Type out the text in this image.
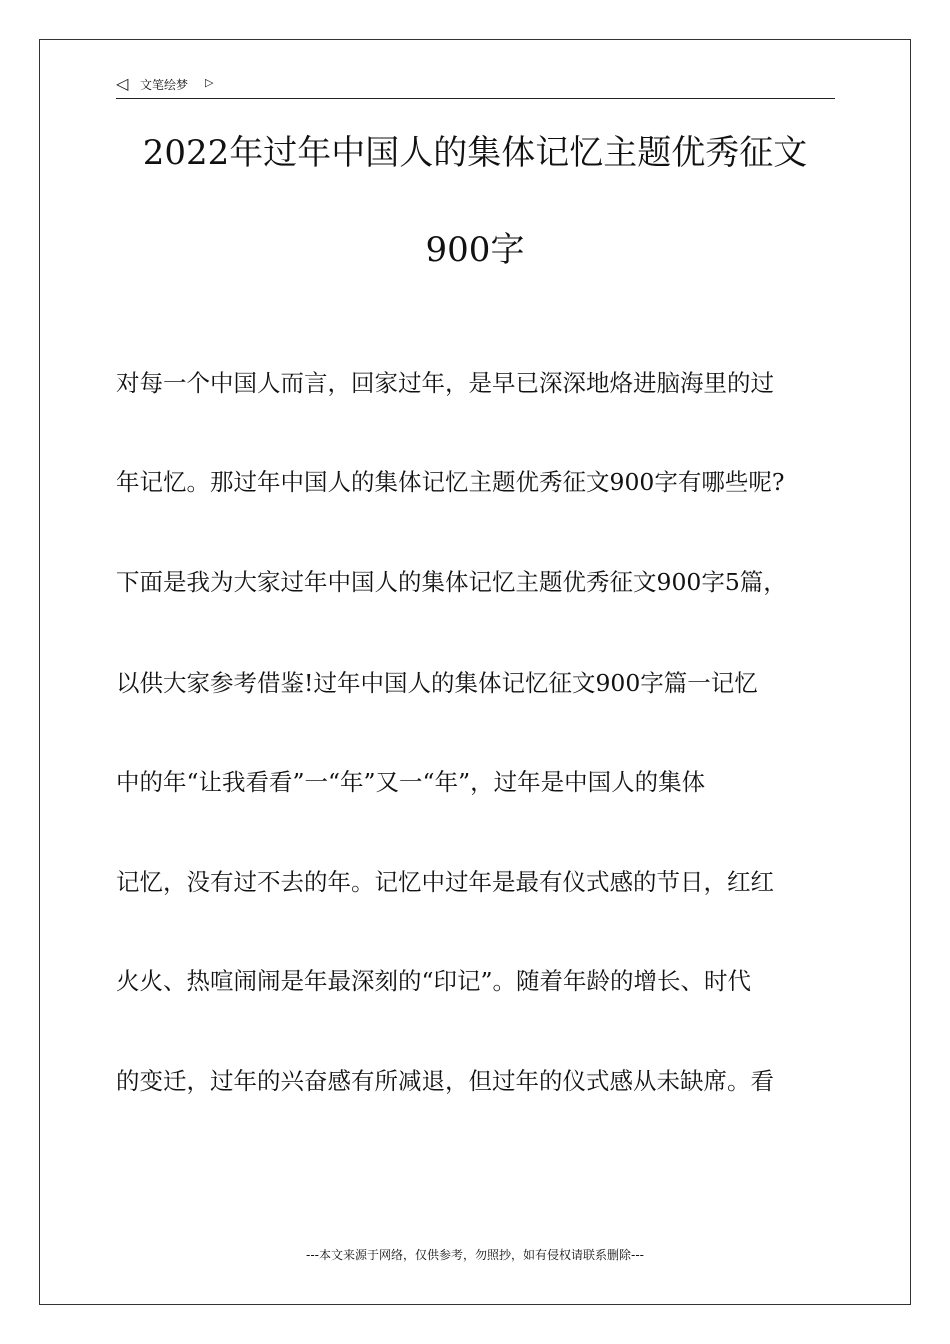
◁ 文笔绘梦 ▷
2022年过年中国人的集体记忆主题优秀征文
900字
对每一个中国人而言，回家过年，是早已深深地烙进脑海里的过
年记忆。那过年中国人的集体记忆主题优秀征文900字有哪些呢?
下面是我为大家过年中国人的集体记忆主题优秀征文900字5篇，
以供大家参考借鉴!过年中国人的集体记忆征文900字篇一记忆
中的年“让我看看”一“年”又一“年”，过年是中国人的集体
记忆，没有过不去的年。记忆中过年是最有仪式感的节日，红红
火火、热喧闹闹是年最深刻的“印记”。随着年龄的增长、时代
的变迁，过年的兴奋感有所减退，但过年的仪式感从未缺席。看
---本文来源于网络，仅供参考，勿照抄，如有侵权请联系删除---
